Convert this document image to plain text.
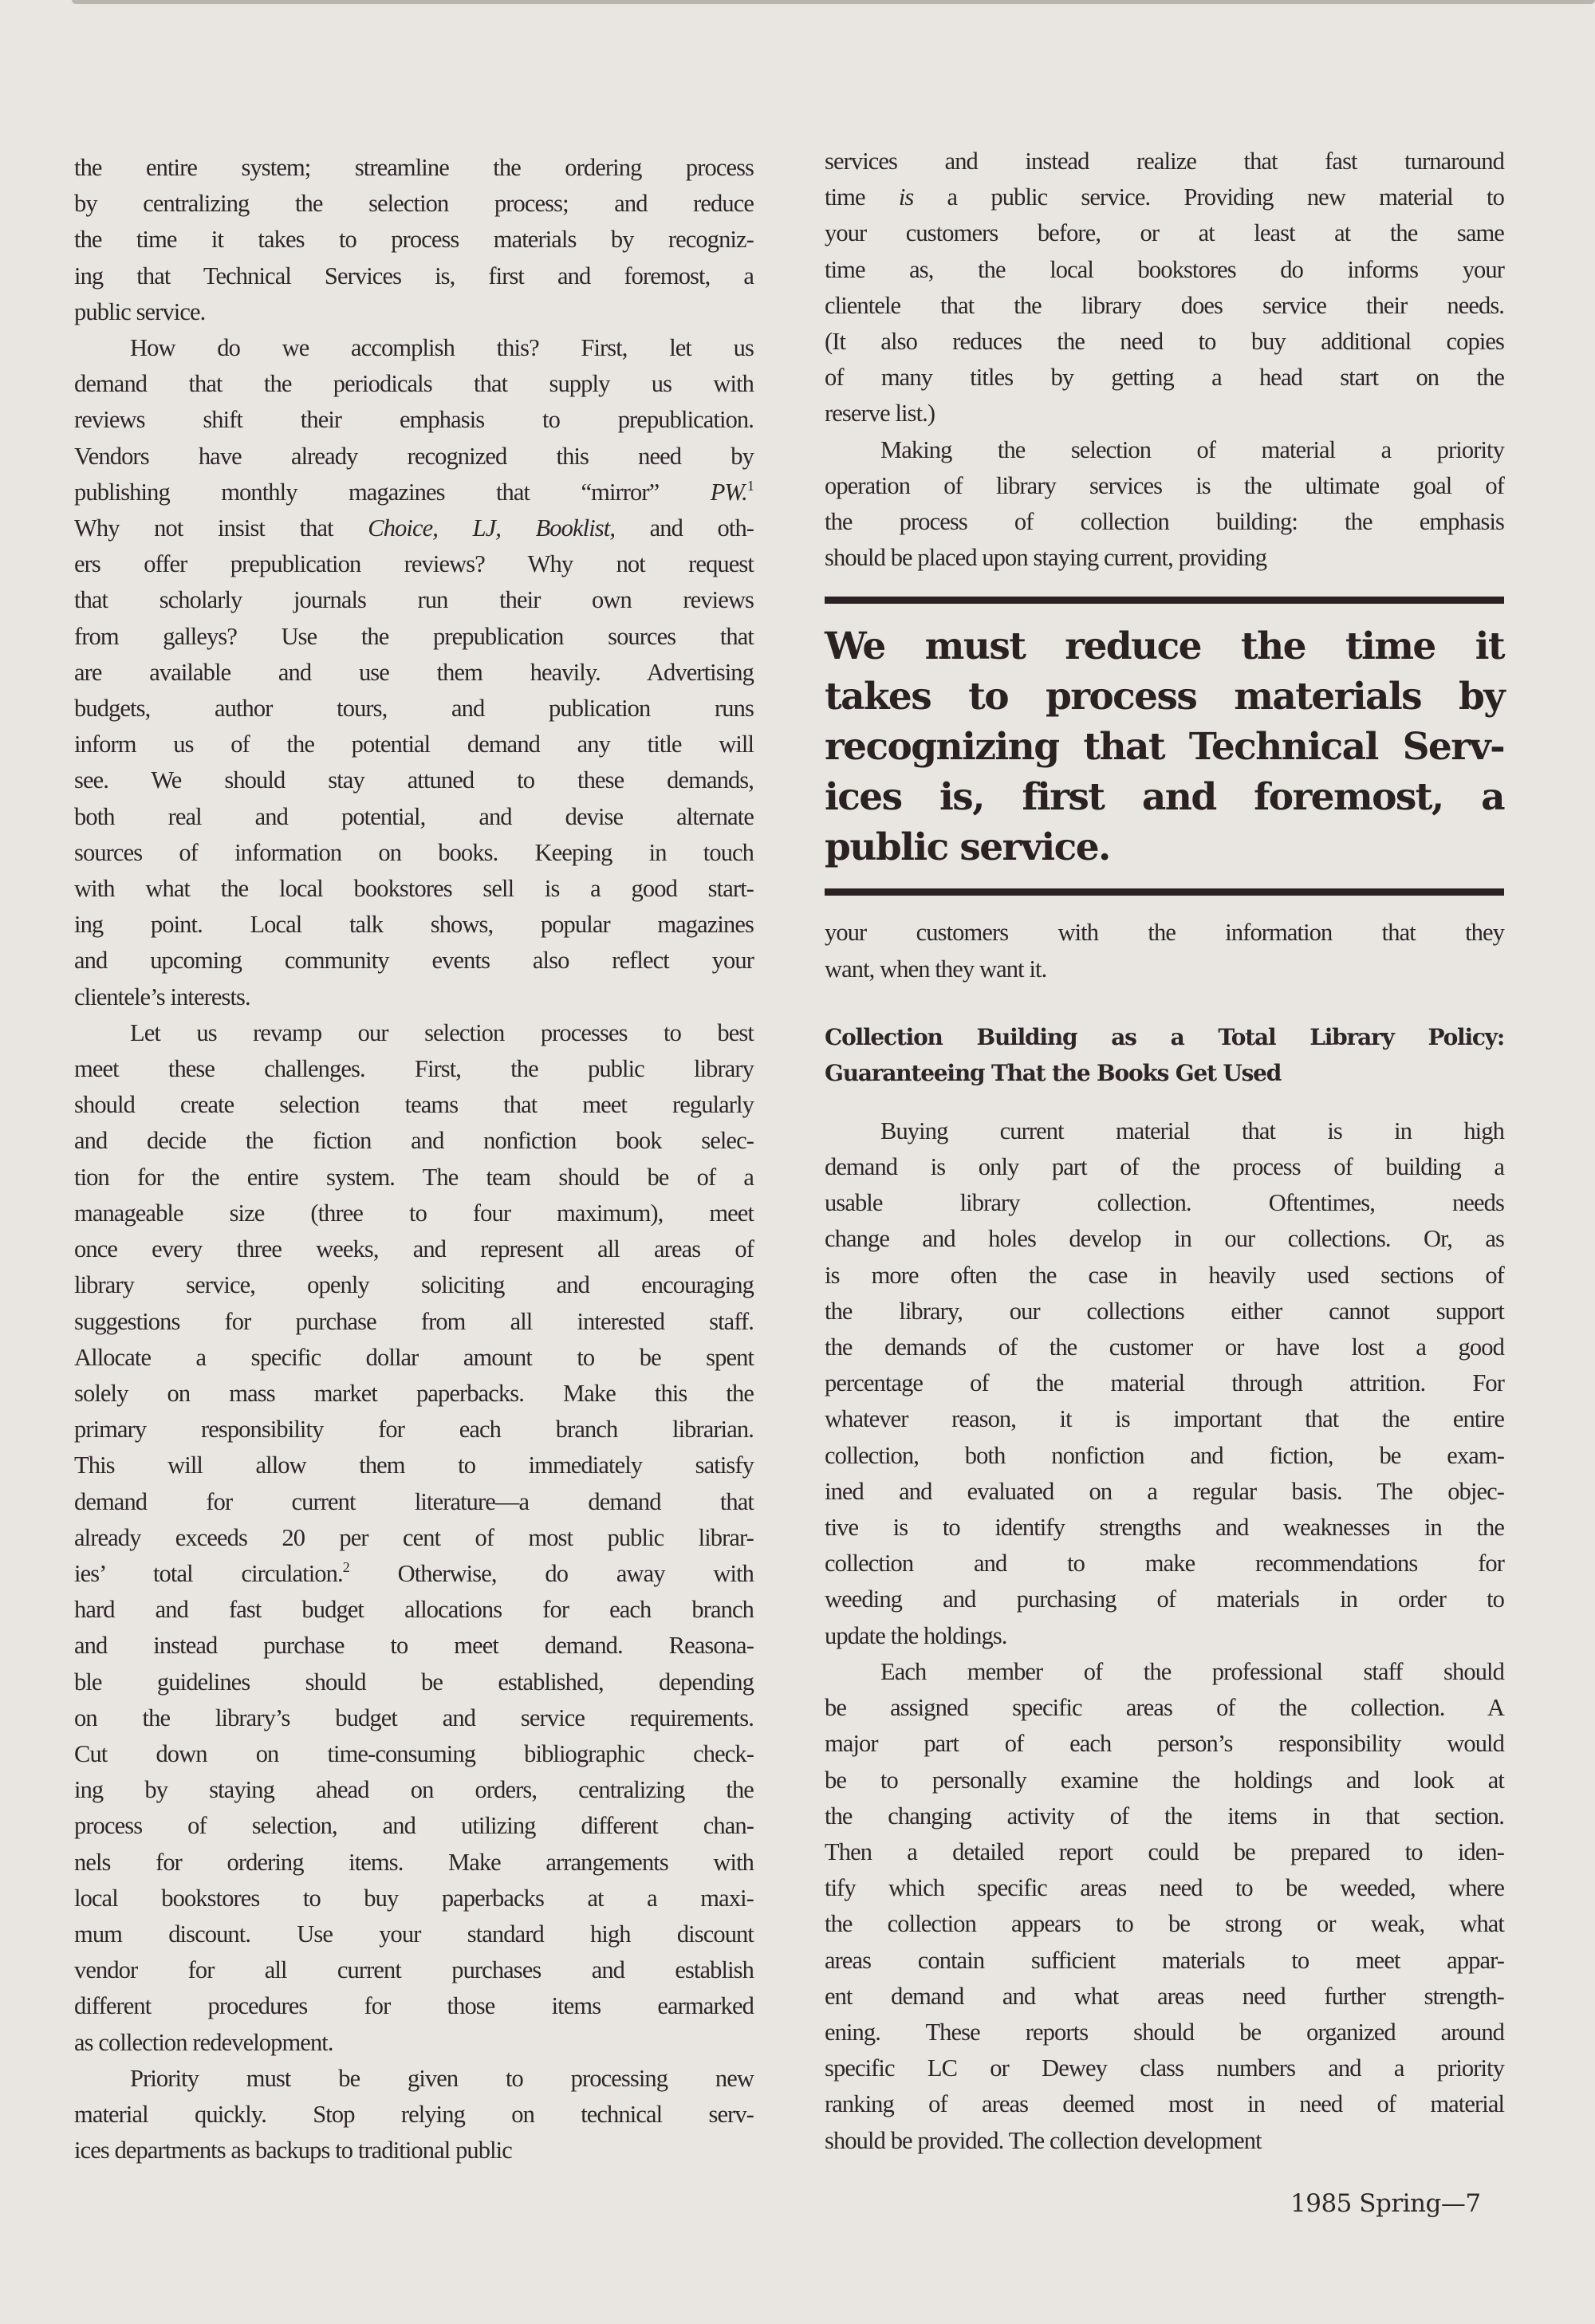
the entire system; streamline the ordering process
by centralizing the selection process; and reduce
the time it takes to process materials by recogniz-
ing that Technical Services is, first and foremost, a
public service.

How do we accomplish this? First, let us
demand that the periodicals that supply us with
reviews shift their emphasis to prepublication.
Vendors have already recognized this need by
publishing monthly magazines that “mirror” PW.$^1$
Why not insist that Choice, LJ, Booklist, and oth-
ers offer prepublication reviews? Why not request
that scholarly journals run their own reviews
from galleys? Use the prepublication sources that
are available and use them heavily. Advertising
budgets,	author	tours,	and	publication	runs
inform us of the potential demand any title will
see. We should stay attuned to these demands,
both real and potential, and devise alternate
sources of information on books. Keeping in touch
with what the local bookstores sell is a good start-
ing point. Local talk shows, popular magazines
and upcoming community events also reflect your
clientele’s interests.

Let us revamp our selection processes to best
meet these challenges. First, the public library
should create selection teams that meet regularly
and decide the fiction and nonfiction book selec-
tion for the entire system. The team should be of a
manageable size (three to four maximum), meet
once every three weeks, and represent all areas of
library service, openly soliciting and encouraging
suggestions for purchase from all interested staff.
Allocate a specific dollar amount to be spent
solely on mass market paperbacks. Make this the
primary responsibility for each branch librarian.
This will allow them to immediately satisfy
demand for current literature—a demand that
already exceeds 20 per cent of most public librar-
ies’ total circulation.$^2$ Otherwise, do away with
hard and fast budget allocations for each branch
and instead purchase to meet demand. Reasona-
ble guidelines should be established, depending
on the library’s budget and service requirements.
Cut down on time-consuming bibliographic check-
ing by staying ahead on orders, centralizing the
process of selection, and utilizing different chan-
nels for ordering items. Make arrangements with
local bookstores to buy paperbacks at a maxi-
mum discount. Use your standard high discount
vendor for all current purchases and establish
different procedures for those items earmarked
as collection redevelopment.

Priority must be given to processing new
material quickly. Stop relying on technical serv-
ices departments as backups to traditional public

services and instead realize that fast turnaround
time is a public service. Providing new material to
your customers before, or at least at the same
time as, the local bookstores do informs your
clientele that the library does service their needs.
(It also reduces the need to buy additional copies
of many titles by getting a head start on the
reserve list.)

Making the selection of material a priority
operation of library services is the ultimate goal of
the process of collection building: the emphasis
should be placed upon staying current, providing

We must reduce the time it
takes to process materials by
recognizing that Technical Serv-
ices is, first and foremost, a
public service.

your customers with the information that they
want, when they want it.

Collection Building as a Total Library Policy:
Guaranteeing That the Books Get Used

Buying current material that is in high
demand is only part of the process of building a
usable	library	collection.	Oftentimes,	needs
change and holes develop in our collections. Or, as
is more often the case in heavily used sections of
the library, our collections either cannot support
the demands of the customer or have lost a good
percentage of the material through attrition. For
whatever reason, it is important that the entire
collection, both nonfiction and fiction, be exam-
ined and evaluated on a regular basis. The objec-
tive is to identify strengths and weaknesses in the
collection and to make recommendations for
weeding and purchasing of materials in order to
update the holdings.

Each member of the professional staff should
be assigned specific areas of the collection. A
major part of each person’s responsibility would
be to personally examine the holdings and look at
the changing activity of the items in that section.
Then a detailed report could be prepared to iden-
tify which specific areas need to be weeded, where
the collection appears to be strong or weak, what
areas contain sufficient materials to meet appar-
ent demand and what areas need further strength-
ening. These reports should be organized around
specific LC or Dewey class numbers and a priority
ranking of areas deemed most in need of material
should be provided. The collection development

1985 Spring—7
